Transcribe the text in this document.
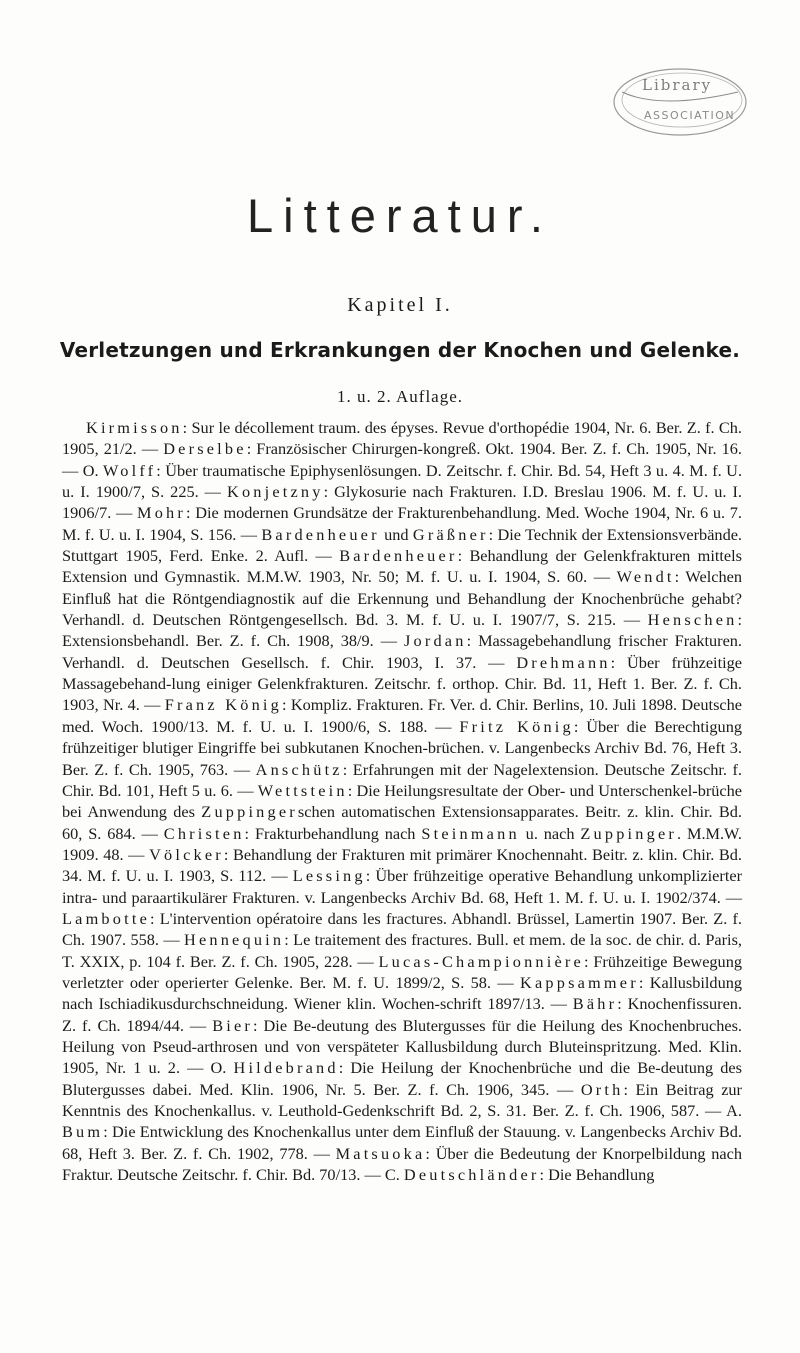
Library
ASSOCIATION
Litteratur.
Kapitel I.
Verletzungen und Erkrankungen der Knochen und Gelenke.
1. u. 2. Auflage.
Kirmisson: Sur le décollement traum. des épyses. Revue d'orthopédie 1904, Nr. 6. Ber. Z. f. Ch. 1905, 21/2. — Derselbe: Französischer Chirurgen-kongreß. Okt. 1904. Ber. Z. f. Ch. 1905, Nr. 16. — O. Wolff: Über traumatische Epiphysenlösungen. D. Zeitschr. f. Chir. Bd. 54, Heft 3 u. 4. M. f. U. u. I. 1900/7, S. 225. — Konjetzny: Glykosurie nach Frakturen. I.D. Breslau 1906. M. f. U. u. I. 1906/7. — Mohr: Die modernen Grundsätze der Frakturenbehandlung. Med. Woche 1904, Nr. 6 u. 7. M. f. U. u. I. 1904, S. 156. — Bardenheuer und Gräßner: Die Technik der Extensionsverbände. Stuttgart 1905, Ferd. Enke. 2. Aufl. — Bardenheuer: Behandlung der Gelenkfrakturen mittels Extension und Gymnastik. M.M.W. 1903, Nr. 50; M. f. U. u. I. 1904, S. 60. — Wendt: Welchen Einfluß hat die Röntgendiagnostik auf die Erkennung und Behandlung der Knochenbrüche gehabt? Verhandl. d. Deutschen Röntgengesellsch. Bd. 3. M. f. U. u. I. 1907/7, S. 215. — Henschen: Extensionsbehandl. Ber. Z. f. Ch. 1908, 38/9. — Jordan: Massagebehandlung frischer Frakturen. Verhandl. d. Deutschen Gesellsch. f. Chir. 1903, I. 37. — Drehmann: Über frühzeitige Massagebehand-lung einiger Gelenkfrakturen. Zeitschr. f. orthop. Chir. Bd. 11, Heft 1. Ber. Z. f. Ch. 1903, Nr. 4. — Franz König: Kompliz. Frakturen. Fr. Ver. d. Chir. Berlins, 10. Juli 1898. Deutsche med. Woch. 1900/13. M. f. U. u. I. 1900/6, S. 188. — Fritz König: Über die Berechtigung frühzeitiger blutiger Eingriffe bei subkutanen Knochen-brüchen. v. Langenbecks Archiv Bd. 76, Heft 3. Ber. Z. f. Ch. 1905, 763. — Anschütz: Erfahrungen mit der Nagelextension. Deutsche Zeitschr. f. Chir. Bd. 101, Heft 5 u. 6. — Wettstein: Die Heilungsresultate der Ober- und Unterschenkel-brüche bei Anwendung des Zuppingerschen automatischen Extensionsapparates. Beitr. z. klin. Chir. Bd. 60, S. 684. — Christen: Frakturbehandlung nach Steinmann u. nach Zuppinger. M.M.W. 1909. 48. — Völcker: Behandlung der Frakturen mit primärer Knochennaht. Beitr. z. klin. Chir. Bd. 34. M. f. U. u. I. 1903, S. 112. — Lessing: Über frühzeitige operative Behandlung unkomplizierter intra- und paraartikulärer Frakturen. v. Langenbecks Archiv Bd. 68, Heft 1. M. f. U. u. I. 1902/374. — Lambotte: L'intervention opératoire dans les fractures. Abhandl. Brüssel, Lamertin 1907. Ber. Z. f. Ch. 1907. 558. — Hennequin: Le traitement des fractures. Bull. et mem. de la soc. de chir. d. Paris, T. XXIX, p. 104 f. Ber. Z. f. Ch. 1905, 228. — Lucas-Championnière: Frühzeitige Bewegung verletzter oder operierter Gelenke. Ber. M. f. U. 1899/2, S. 58. — Kappsammer: Kallusbildung nach Ischiadikusdurchschneidung. Wiener klin. Wochen-schrift 1897/13. — Bähr: Knochenfissuren. Z. f. Ch. 1894/44. — Bier: Die Be-deutung des Blutergusses für die Heilung des Knochenbruches. Heilung von Pseud-arthrosen und von verspäteter Kallusbildung durch Bluteinspritzung. Med. Klin. 1905, Nr. 1 u. 2. — O. Hildebrand: Die Heilung der Knochenbrüche und die Be-deutung des Blutergusses dabei. Med. Klin. 1906, Nr. 5. Ber. Z. f. Ch. 1906, 345. — Orth: Ein Beitrag zur Kenntnis des Knochenkallus. v. Leuthold-Gedenkschrift Bd. 2, S. 31. Ber. Z. f. Ch. 1906, 587. — A. Bum: Die Entwicklung des Knochenkallus unter dem Einfluß der Stauung. v. Langenbecks Archiv Bd. 68, Heft 3. Ber. Z. f. Ch. 1902, 778. — Matsuoka: Über die Bedeutung der Knorpelbildung nach Fraktur. Deutsche Zeitschr. f. Chir. Bd. 70/13. — C. Deutschländer: Die Behandlung
